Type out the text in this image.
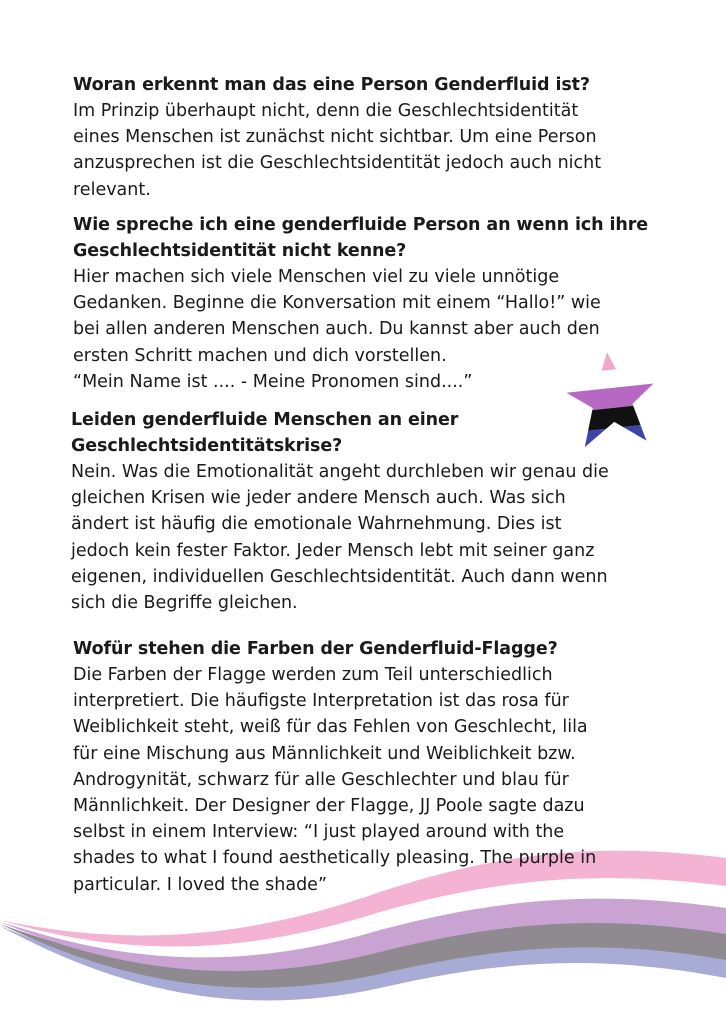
Woran erkennt man das eine Person Genderfluid ist?

Im Prinzip überhaupt nicht, denn die Geschlechtsidentität
eines Menschen ist zunächst nicht sichtbar. Um eine Person
anzusprechen ist die Geschlechtsidentität jedoch auch nicht
relevant.

Wie spreche ich eine genderfluide Person an wenn ich ihre
Geschlechtsidentität nicht kenne?

Hier machen sich viele Menschen viel zu viele unnötige
Gedanken. Beginne die Konversation mit einem “Hallo!” wie
bei allen anderen Menschen auch. Du kannst aber auch den
ersten Schritt machen und dich vorstellen.
“Mein Name ist .... - Meine Pronomen sind....”

Leiden genderfluide Menschen an einer
Geschlechtsidentitätskrise?

Nein. Was die Emotionalität angeht durchleben wir genau die
gleichen Krisen wie jeder andere Mensch auch. Was sich
ändert ist häufig die emotionale Wahrnehmung. Dies ist
jedoch kein fester Faktor. Jeder Mensch lebt mit seiner ganz
eigenen, individuellen Geschlechtsidentität. Auch dann wenn
sich die Begriffe gleichen.

Wofür stehen die Farben der Genderfluid-Flagge?

Die Farben der Flagge werden zum Teil unterschiedlich
interpretiert. Die häufigste Interpretation ist das rosa für
Weiblichkeit steht, weiß für das Fehlen von Geschlecht, lila
für eine Mischung aus Männlichkeit und Weiblichkeit bzw.
Androgynität, schwarz für alle Geschlechter und blau für
Männlichkeit. Der Designer der Flagge, JJ Poole sagte dazu
selbst in einem Interview: “I just played around with the
shades to what I found aesthetically pleasing. The purple in
particular. I loved the shade”
